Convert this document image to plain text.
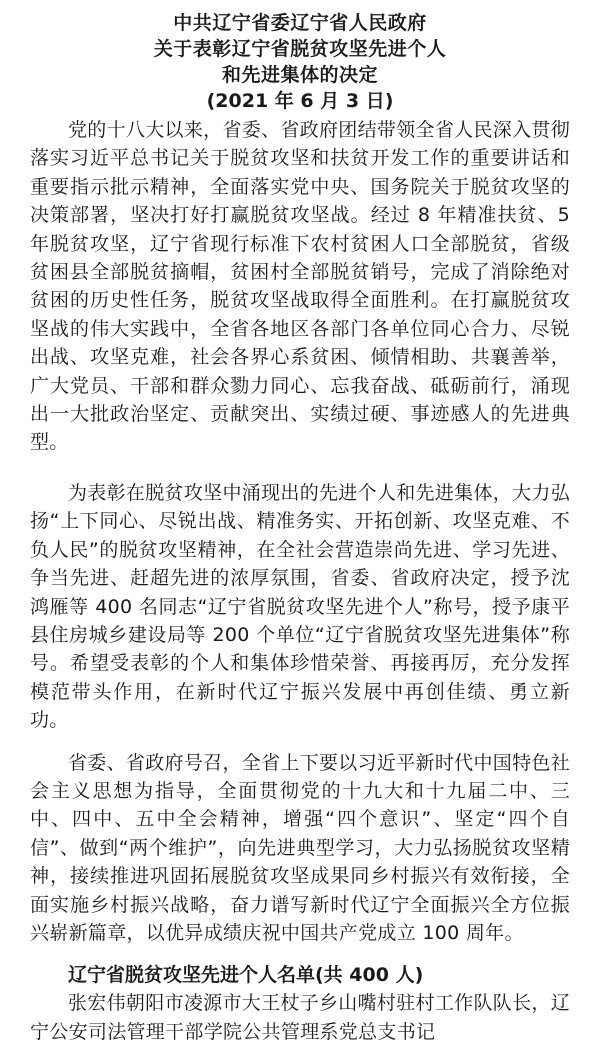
中共辽宁省委辽宁省人民政府
关于表彰辽宁省脱贫攻坚先进个人
和先进集体的决定
(2021 年 6 月 3 日)

党的十八大以来，省委、省政府团结带领全省人民深入贯彻落实习近平总书记关于脱贫攻坚和扶贫开发工作的重要讲话和重要指示批示精神，全面落实党中央、国务院关于脱贫攻坚的决策部署，坚决打好打赢脱贫攻坚战。经过 8 年精准扶贫、5 年脱贫攻坚，辽宁省现行标准下农村贫困人口全部脱贫，省级贫困县全部脱贫摘帽，贫困村全部脱贫销号，完成了消除绝对贫困的历史性任务，脱贫攻坚战取得全面胜利。在打赢脱贫攻坚战的伟大实践中，全省各地区各部门各单位同心合力、尽锐出战、攻坚克难，社会各界心系贫困、倾情相助、共襄善举，广大党员、干部和群众勠力同心、忘我奋战、砥砺前行，涌现出一大批政治坚定、贡献突出、实绩过硬、事迹感人的先进典型。

为表彰在脱贫攻坚中涌现出的先进个人和先进集体，大力弘扬“上下同心、尽锐出战、精准务实、开拓创新、攻坚克难、不负人民”的脱贫攻坚精神，在全社会营造崇尚先进、学习先进、争当先进、赶超先进的浓厚氛围，省委、省政府决定，授予沈鸿雁等 400 名同志“辽宁省脱贫攻坚先进个人”称号，授予康平县住房城乡建设局等 200 个单位“辽宁省脱贫攻坚先进集体”称号。希望受表彰的个人和集体珍惜荣誉、再接再厉，充分发挥模范带头作用，在新时代辽宁振兴发展中再创佳绩、勇立新功。

省委、省政府号召，全省上下要以习近平新时代中国特色社会主义思想为指导，全面贯彻党的十九大和十九届二中、三中、四中、五中全会精神，增强“四个意识”、坚定“四个自信”、做到“两个维护”，向先进典型学习，大力弘扬脱贫攻坚精神，接续推进巩固拓展脱贫攻坚成果同乡村振兴有效衔接，全面实施乡村振兴战略，奋力谱写新时代辽宁全面振兴全方位振兴崭新篇章，以优异成绩庆祝中国共产党成立 100 周年。

辽宁省脱贫攻坚先进个人名单(共 400 人)
张宏伟朝阳市凌源市大王杖子乡山嘴村驻村工作队队长，辽宁公安司法管理干部学院公共管理系党总支书记
